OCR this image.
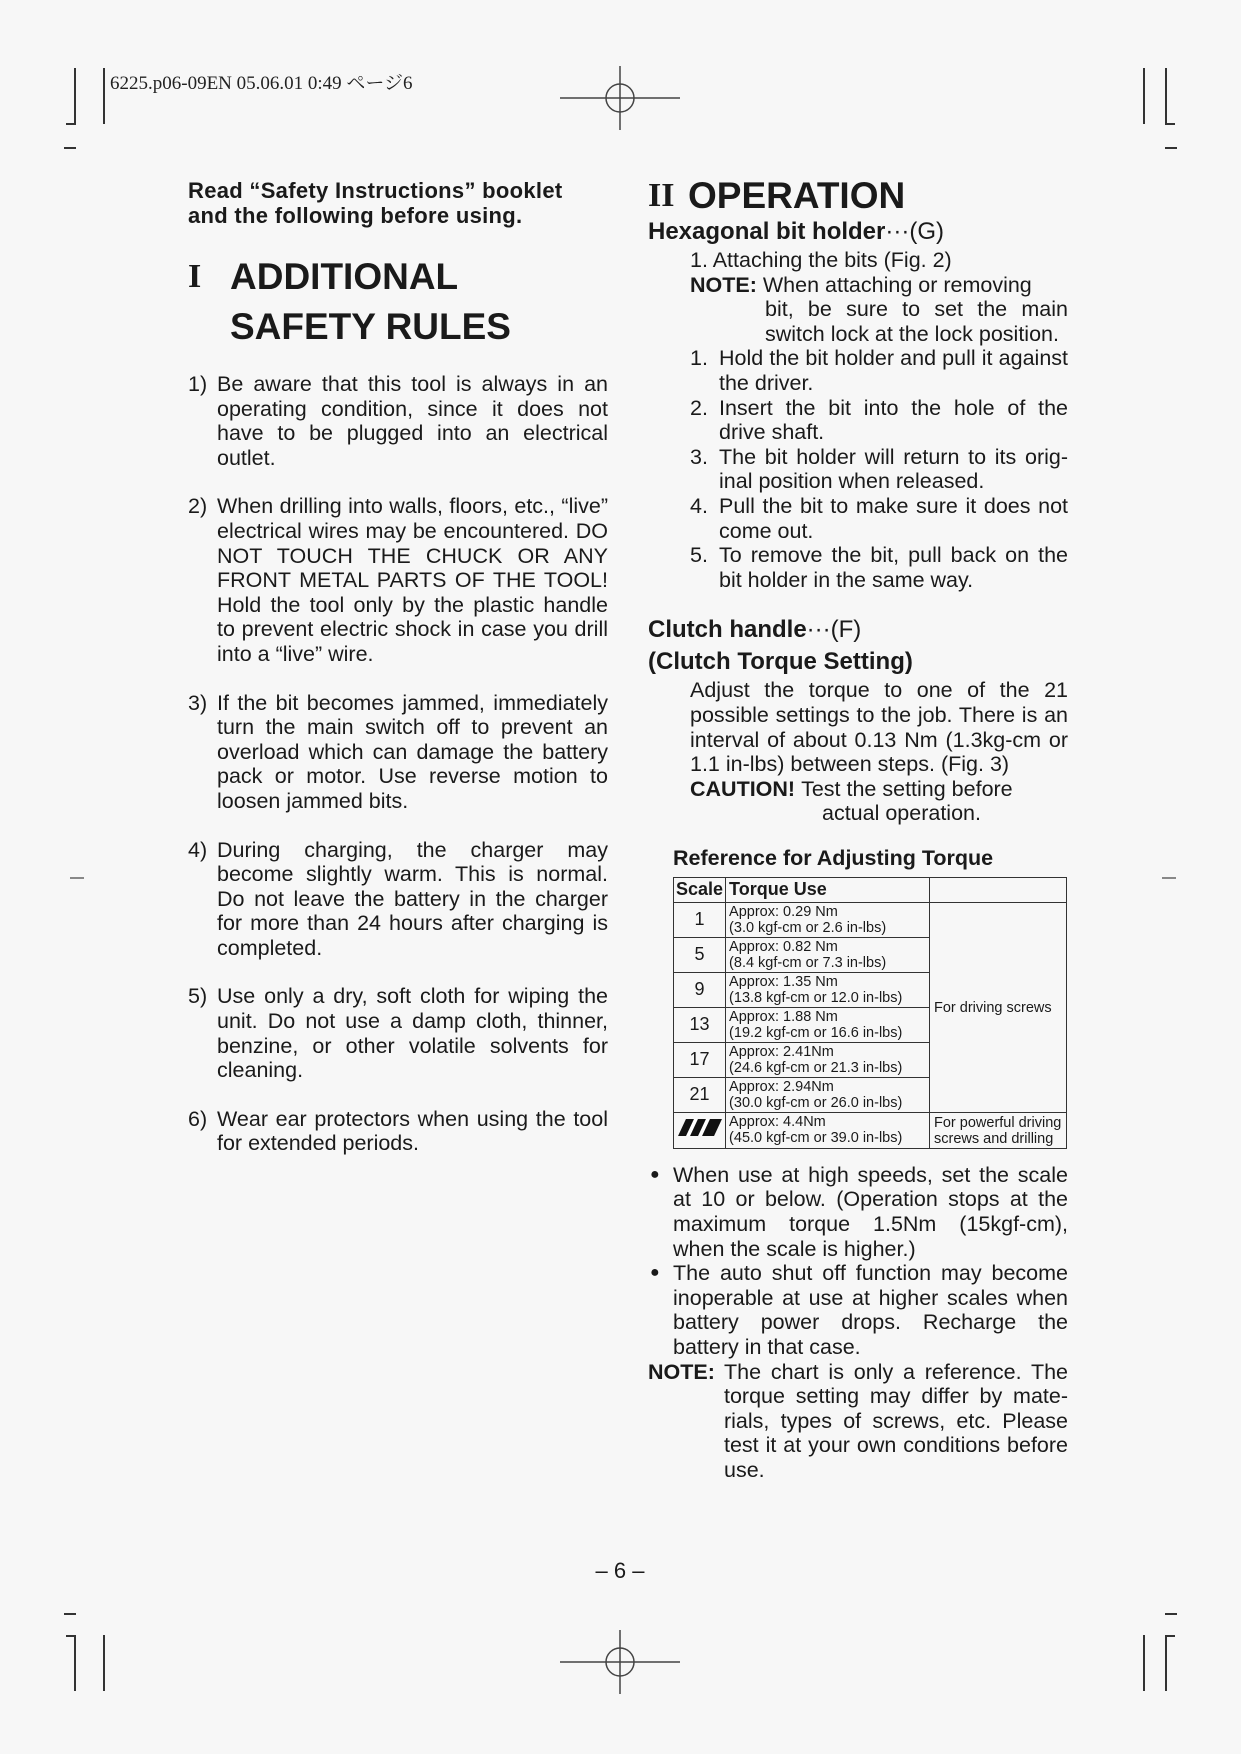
6225.p06-09EN 05.06.01 0:49 ページ6

Read “Safety Instructions” booklet and the following before using.

I ADDITIONAL
SAFETY RULES
1) Be aware that this tool is always in an operating condition, since it does not have to be plugged into an electrical outlet.
2) When drilling into walls, floors, etc., “live” electrical wires may be encountered. DO NOT TOUCH THE CHUCK OR ANY FRONT METAL PARTS OF THE TOOL! Hold the tool only by the plastic handle to prevent electric shock in case you drill into a “live” wire.
3) If the bit becomes jammed, immediately turn the main switch off to prevent an overload which can damage the battery pack or motor. Use reverse motion to loosen jammed bits.
4) During charging, the charger may become slightly warm. This is normal. Do not leave the battery in the charger for more than 24 hours after charging is completed.
5) Use only a dry, soft cloth for wiping the unit. Do not use a damp cloth, thinner, benzine, or other volatile solvents for cleaning.
6) Wear ear protectors when using the tool for extended periods.
II OPERATION
Hexagonal bit holder···(G)
1. Attaching the bits (Fig. 2)
NOTE:
When attaching or removing
bit, be sure to set the main switch lock at the lock position.
1. Hold the bit holder and pull it against the driver.
2. Insert the bit into the hole of the drive shaft.
3. The bit holder will return to its orig-inal position when released.
4. Pull the bit to make sure it does not come out.
5. To remove the bit, pull back on the bit holder in the same way.
Clutch handle···(F)
(Clutch Torque Setting)
Adjust the torque to one of the 21 possible settings to the job. There is an interval of about 0.13 Nm (1.3kg-cm or 1.1 in-lbs) between steps. (Fig. 3)
CAUTION! Test the setting before
actual operation.
Reference for Adjusting Torque
Scale	Torque Use	
1	Approx: 0.29 Nm
(3.0 kgf-cm or 2.6 in-lbs)	For driving screws
5	Approx: 0.82 Nm
(8.4 kgf-cm or 7.3 in-lbs)	

9	Approx: 1.35 Nm
(13.8 kgf-cm or 12.0 in-lbs)	

13	Approx: 1.88 Nm
(19.2 kgf-cm or 16.6 in-lbs)	

17	Approx: 2.41Nm
(24.6 kgf-cm or 21.3 in-lbs)	

21	Approx: 2.94Nm
(30.0 kgf-cm or 26.0 in-lbs)	

	Approx: 4.4Nm
(45.0 kgf-cm or 39.0 in-lbs)	For powerful driving screws and drilling
● When use at high speeds, set the scale at 10 or below. (Operation stops at the maximum torque 1.5Nm (15kgf-cm), when the scale is higher.)
● The auto shut off function may become inoperable at use at higher scales when battery power drops. Recharge the battery in that case.
NOTE: The chart is only a reference. The torque setting may differ by mate-rials, types of screws, etc. Please test it at your own conditions before use.
– 6 –
